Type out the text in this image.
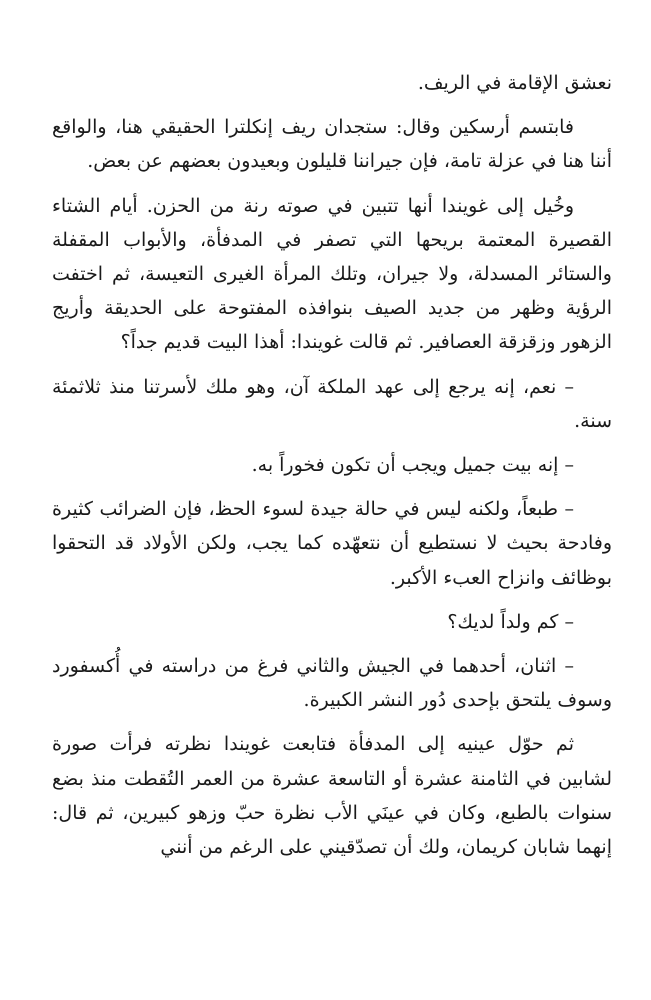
نعشق الإقامة في الريف.

فابتسم أرسكين وقال: ستجدان ريف إنكلترا الحقيقي هنا، والواقع أننا هنا في عزلة تامة، فإن جيراننا قليلون وبعيدون بعضهم عن بعض.

وخُيل إلى غويندا أنها تتبين في صوته رنة من الحزن. أيام الشتاء القصيرة المعتمة بريحها التي تصفر في المدفأة، والأبواب المقفلة والستائر المسدلة، ولا جيران، وتلك المرأة الغيرى التعيسة، ثم اختفت الرؤية وظهر من جديد الصيف بنوافذه المفتوحة على الحديقة وأريج الزهور وزقزقة العصافير. ثم قالت غويندا: أهذا البيت قديم جداً؟

– نعم، إنه يرجع إلى عهد الملكة آن، وهو ملك لأسرتنا منذ ثلاثمئة سنة.

– إنه بيت جميل ويجب أن تكون فخوراً به.

– طبعاً، ولكنه ليس في حالة جيدة لسوء الحظ، فإن الضرائب كثيرة وفادحة بحيث لا نستطيع أن نتعهّده كما يجب، ولكن الأولاد قد التحقوا بوظائف وانزاح العبء الأكبر.

– كم ولداً لديك؟

– اثنان، أحدهما في الجيش والثاني فرغ من دراسته في أُكسفورد وسوف يلتحق بإحدى دُور النشر الكبيرة.

ثم حوّل عينيه إلى المدفأة فتابعت غويندا نظرته فرأت صورة لشابين في الثامنة عشرة أو التاسعة عشرة من العمر التُقطت منذ بضع سنوات بالطبع، وكان في عينَي الأب نظرة حبّ وزهو كبيرين، ثم قال: إنهما شابان كريمان، ولك أن تصدّقيني على الرغم من أنني
